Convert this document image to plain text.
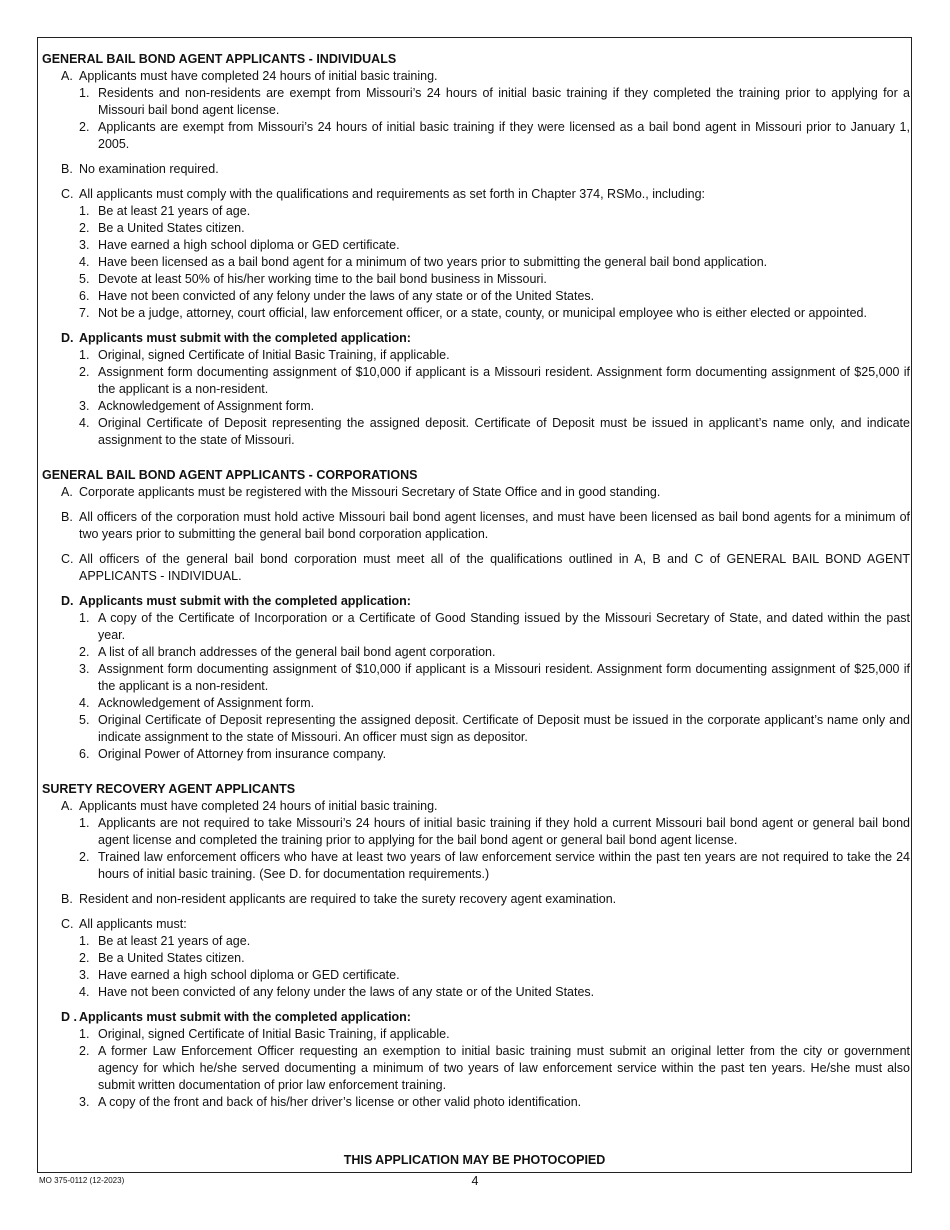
GENERAL BAIL BOND AGENT APPLICANTS - INDIVIDUALS
A. Applicants must have completed 24 hours of initial basic training.
1. Residents and non-residents are exempt from Missouri’s 24 hours of initial basic training if they completed the training prior to applying for a Missouri bail bond agent license.
2. Applicants are exempt from Missouri’s 24 hours of initial basic training if they were licensed as a bail bond agent in Missouri prior to January 1, 2005.
B. No examination required.
C. All applicants must comply with the qualifications and requirements as set forth in Chapter 374, RSMo., including:
1. Be at least 21 years of age.
2. Be a United States citizen.
3. Have earned a high school diploma or GED certificate.
4. Have been licensed as a bail bond agent for a minimum of two years prior to submitting the general bail bond application.
5. Devote at least 50% of his/her working time to the bail bond business in Missouri.
6. Have not been convicted of any felony under the laws of any state or of the United States.
7. Not be a judge, attorney, court official, law enforcement officer, or a state, county, or municipal employee who is either elected or appointed.
D. Applicants must submit with the completed application:
1. Original, signed Certificate of Initial Basic Training, if applicable.
2. Assignment form documenting assignment of $10,000 if applicant is a Missouri resident. Assignment form documenting assignment of $25,000 if the applicant is a non-resident.
3. Acknowledgement of Assignment form.
4. Original Certificate of Deposit representing the assigned deposit. Certificate of Deposit must be issued in applicant’s name only, and indicate assignment to the state of Missouri.
GENERAL BAIL BOND AGENT APPLICANTS - CORPORATIONS
A. Corporate applicants must be registered with the Missouri Secretary of State Office and in good standing.
B. All officers of the corporation must hold active Missouri bail bond agent licenses, and must have been licensed as bail bond agents for a minimum of two years prior to submitting the general bail bond corporation application.
C. All officers of the general bail bond corporation must meet all of the qualifications outlined in A, B and C of GENERAL BAIL BOND AGENT APPLICANTS - INDIVIDUAL.
D. Applicants must submit with the completed application:
1. A copy of the Certificate of Incorporation or a Certificate of Good Standing issued by the Missouri Secretary of State, and dated within the past year.
2. A list of all branch addresses of the general bail bond agent corporation.
3. Assignment form documenting assignment of $10,000 if applicant is a Missouri resident. Assignment form documenting assignment of $25,000 if the applicant is a non-resident.
4. Acknowledgement of Assignment form.
5. Original Certificate of Deposit representing the assigned deposit. Certificate of Deposit must be issued in the corporate applicant’s name only and indicate assignment to the state of Missouri. An officer must sign as depositor.
6. Original Power of Attorney from insurance company.
SURETY RECOVERY AGENT APPLICANTS
A. Applicants must have completed 24 hours of initial basic training.
1. Applicants are not required to take Missouri’s 24 hours of initial basic training if they hold a current Missouri bail bond agent or general bail bond agent license and completed the training prior to applying for the bail bond agent or general bail bond agent license.
2. Trained law enforcement officers who have at least two years of law enforcement service within the past ten years are not required to take the 24 hours of initial basic training. (See D. for documentation requirements.)
B. Resident and non-resident applicants are required to take the surety recovery agent examination.
C. All applicants must:
1. Be at least 21 years of age.
2. Be a United States citizen.
3. Have earned a high school diploma or GED certificate.
4. Have not been convicted of any felony under the laws of any state or of the United States.
D . Applicants must submit with the completed application:
1. Original, signed Certificate of Initial Basic Training, if applicable.
2. A former Law Enforcement Officer requesting an exemption to initial basic training must submit an original letter from the city or government agency for which he/she served documenting a minimum of two years of law enforcement service within the past ten years. He/she must also submit written documentation of prior law enforcement training.
3. A copy of the front and back of his/her driver’s license or other valid photo identification.
THIS APPLICATION MAY BE PHOTOCOPIED
MO 375-0112 (12-2023)	4
